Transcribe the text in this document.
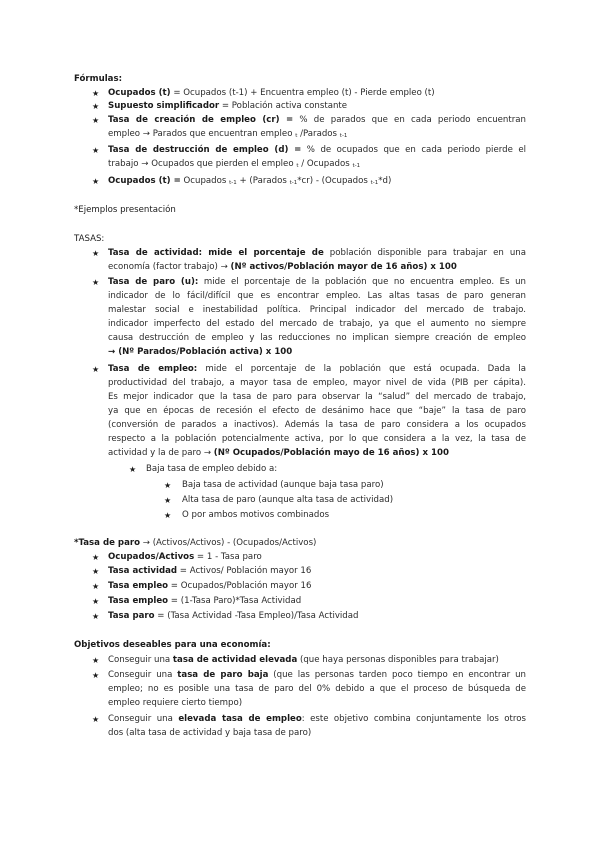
Fórmulas:
★ Ocupados (t) = Ocupados (t-1) + Encuentra empleo (t) - Pierde empleo (t)
★ Supuesto simplificador = Población activa constante
★ Tasa de creación de empleo (cr) = % de parados que en cada periodo encuentran
empleo → Parados que encuentran empleo $_t$ /Parados $_{t-1}$
★ Tasa de destrucción de empleo (d) = % de ocupados que en cada periodo pierde el
trabajo → Ocupados que pierden el empleo $_t$ / Ocupados $_{t-1}$
★ Ocupados (t) = Ocupados $_{t-1}$ + (Parados $_{t-1}$*cr) - (Ocupados $_{t-1}$*d)
*Ejemplos presentación
TASAS:
★ Tasa de actividad: mide el porcentaje de población disponible para trabajar en una
economía (factor trabajo) → (Nº activos/Población mayor de 16 años) x 100
★ Tasa de paro (u): mide el porcentaje de la población que no encuentra empleo. Es un
indicador de lo fácil/difícil que es encontrar empleo. Las altas tasas de paro generan
malestar social e inestabilidad política. Principal indicador del mercado de trabajo.
indicador imperfecto del estado del mercado de trabajo, ya que el aumento no siempre
causa destrucción de empleo y las reducciones no implican siempre creación de empleo
→ (Nº Parados/Población activa) x 100
★ Tasa de empleo: mide el porcentaje de la población que está ocupada. Dada la
productividad del trabajo, a mayor tasa de empleo, mayor nivel de vida (PIB per cápita).
Es mejor indicador que la tasa de paro para observar la “salud” del mercado de trabajo,
ya que en épocas de recesión el efecto de desánimo hace que “baje” la tasa de paro
(conversión de parados a inactivos). Además la tasa de paro considera a los ocupados
respecto a la población potencialmente activa, por lo que considera a la vez, la tasa de
actividad y la de paro → (Nº Ocupados/Población mayo de 16 años) x 100
★ Baja tasa de empleo debido a:
★ Baja tasa de actividad (aunque baja tasa paro)
★ Alta tasa de paro (aunque alta tasa de actividad)
★ O por ambos motivos combinados
*Tasa de paro → (Activos/Activos) - (Ocupados/Activos)
★ Ocupados/Activos = 1 - Tasa paro
★ Tasa actividad = Activos/ Población mayor 16
★ Tasa empleo = Ocupados/Población mayor 16
★ Tasa empleo = (1-Tasa Paro)*Tasa Actividad
★ Tasa paro = (Tasa Actividad -Tasa Empleo)/Tasa Actividad
Objetivos deseables para una economía:
★ Conseguir una tasa de actividad elevada (que haya personas disponibles para trabajar)
★ Conseguir una tasa de paro baja (que las personas tarden poco tiempo en encontrar un
empleo; no es posible una tasa de paro del 0% debido a que el proceso de búsqueda de
empleo requiere cierto tiempo)
★ Conseguir una elevada tasa de empleo: este objetivo combina conjuntamente los otros
dos (alta tasa de actividad y baja tasa de paro)
